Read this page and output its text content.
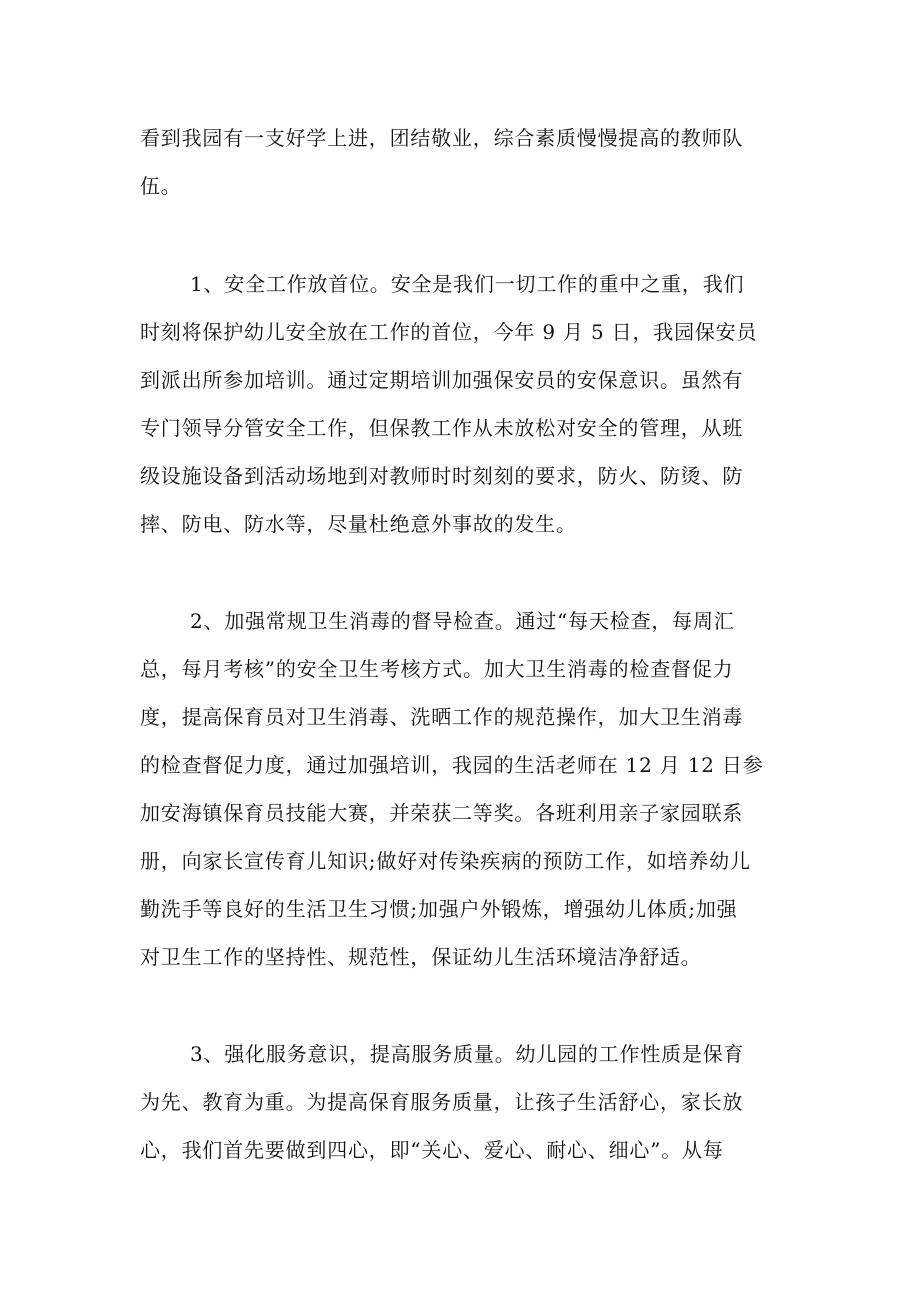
看到我园有一支好学上进，团结敬业，综合素质慢慢提高的教师队
伍。
1、安全工作放首位。安全是我们一切工作的重中之重，我们
时刻将保护幼儿安全放在工作的首位，今年 9 月 5 日，我园保安员
到派出所参加培训。通过定期培训加强保安员的安保意识。虽然有
专门领导分管安全工作，但保教工作从未放松对安全的管理，从班
级设施设备到活动场地到对教师时时刻刻的要求，防火、防烫、防
摔、防电、防水等，尽量杜绝意外事故的发生。
2、加强常规卫生消毒的督导检查。通过“每天检查，每周汇
总，每月考核”的安全卫生考核方式。加大卫生消毒的检查督促力
度，提高保育员对卫生消毒、洗晒工作的规范操作，加大卫生消毒
的检查督促力度，通过加强培训，我园的生活老师在 12 月 12 日参
加安海镇保育员技能大赛，并荣获二等奖。各班利用亲子家园联系
册，向家长宣传育儿知识;做好对传染疾病的预防工作，如培养幼儿
勤洗手等良好的生活卫生习惯;加强户外锻炼，增强幼儿体质;加强
对卫生工作的坚持性、规范性，保证幼儿生活环境洁净舒适。
3、强化服务意识，提高服务质量。幼儿园的工作性质是保育
为先、教育为重。为提高保育服务质量，让孩子生活舒心，家长放
心，我们首先要做到四心，即“关心、爱心、耐心、细心”。从每
